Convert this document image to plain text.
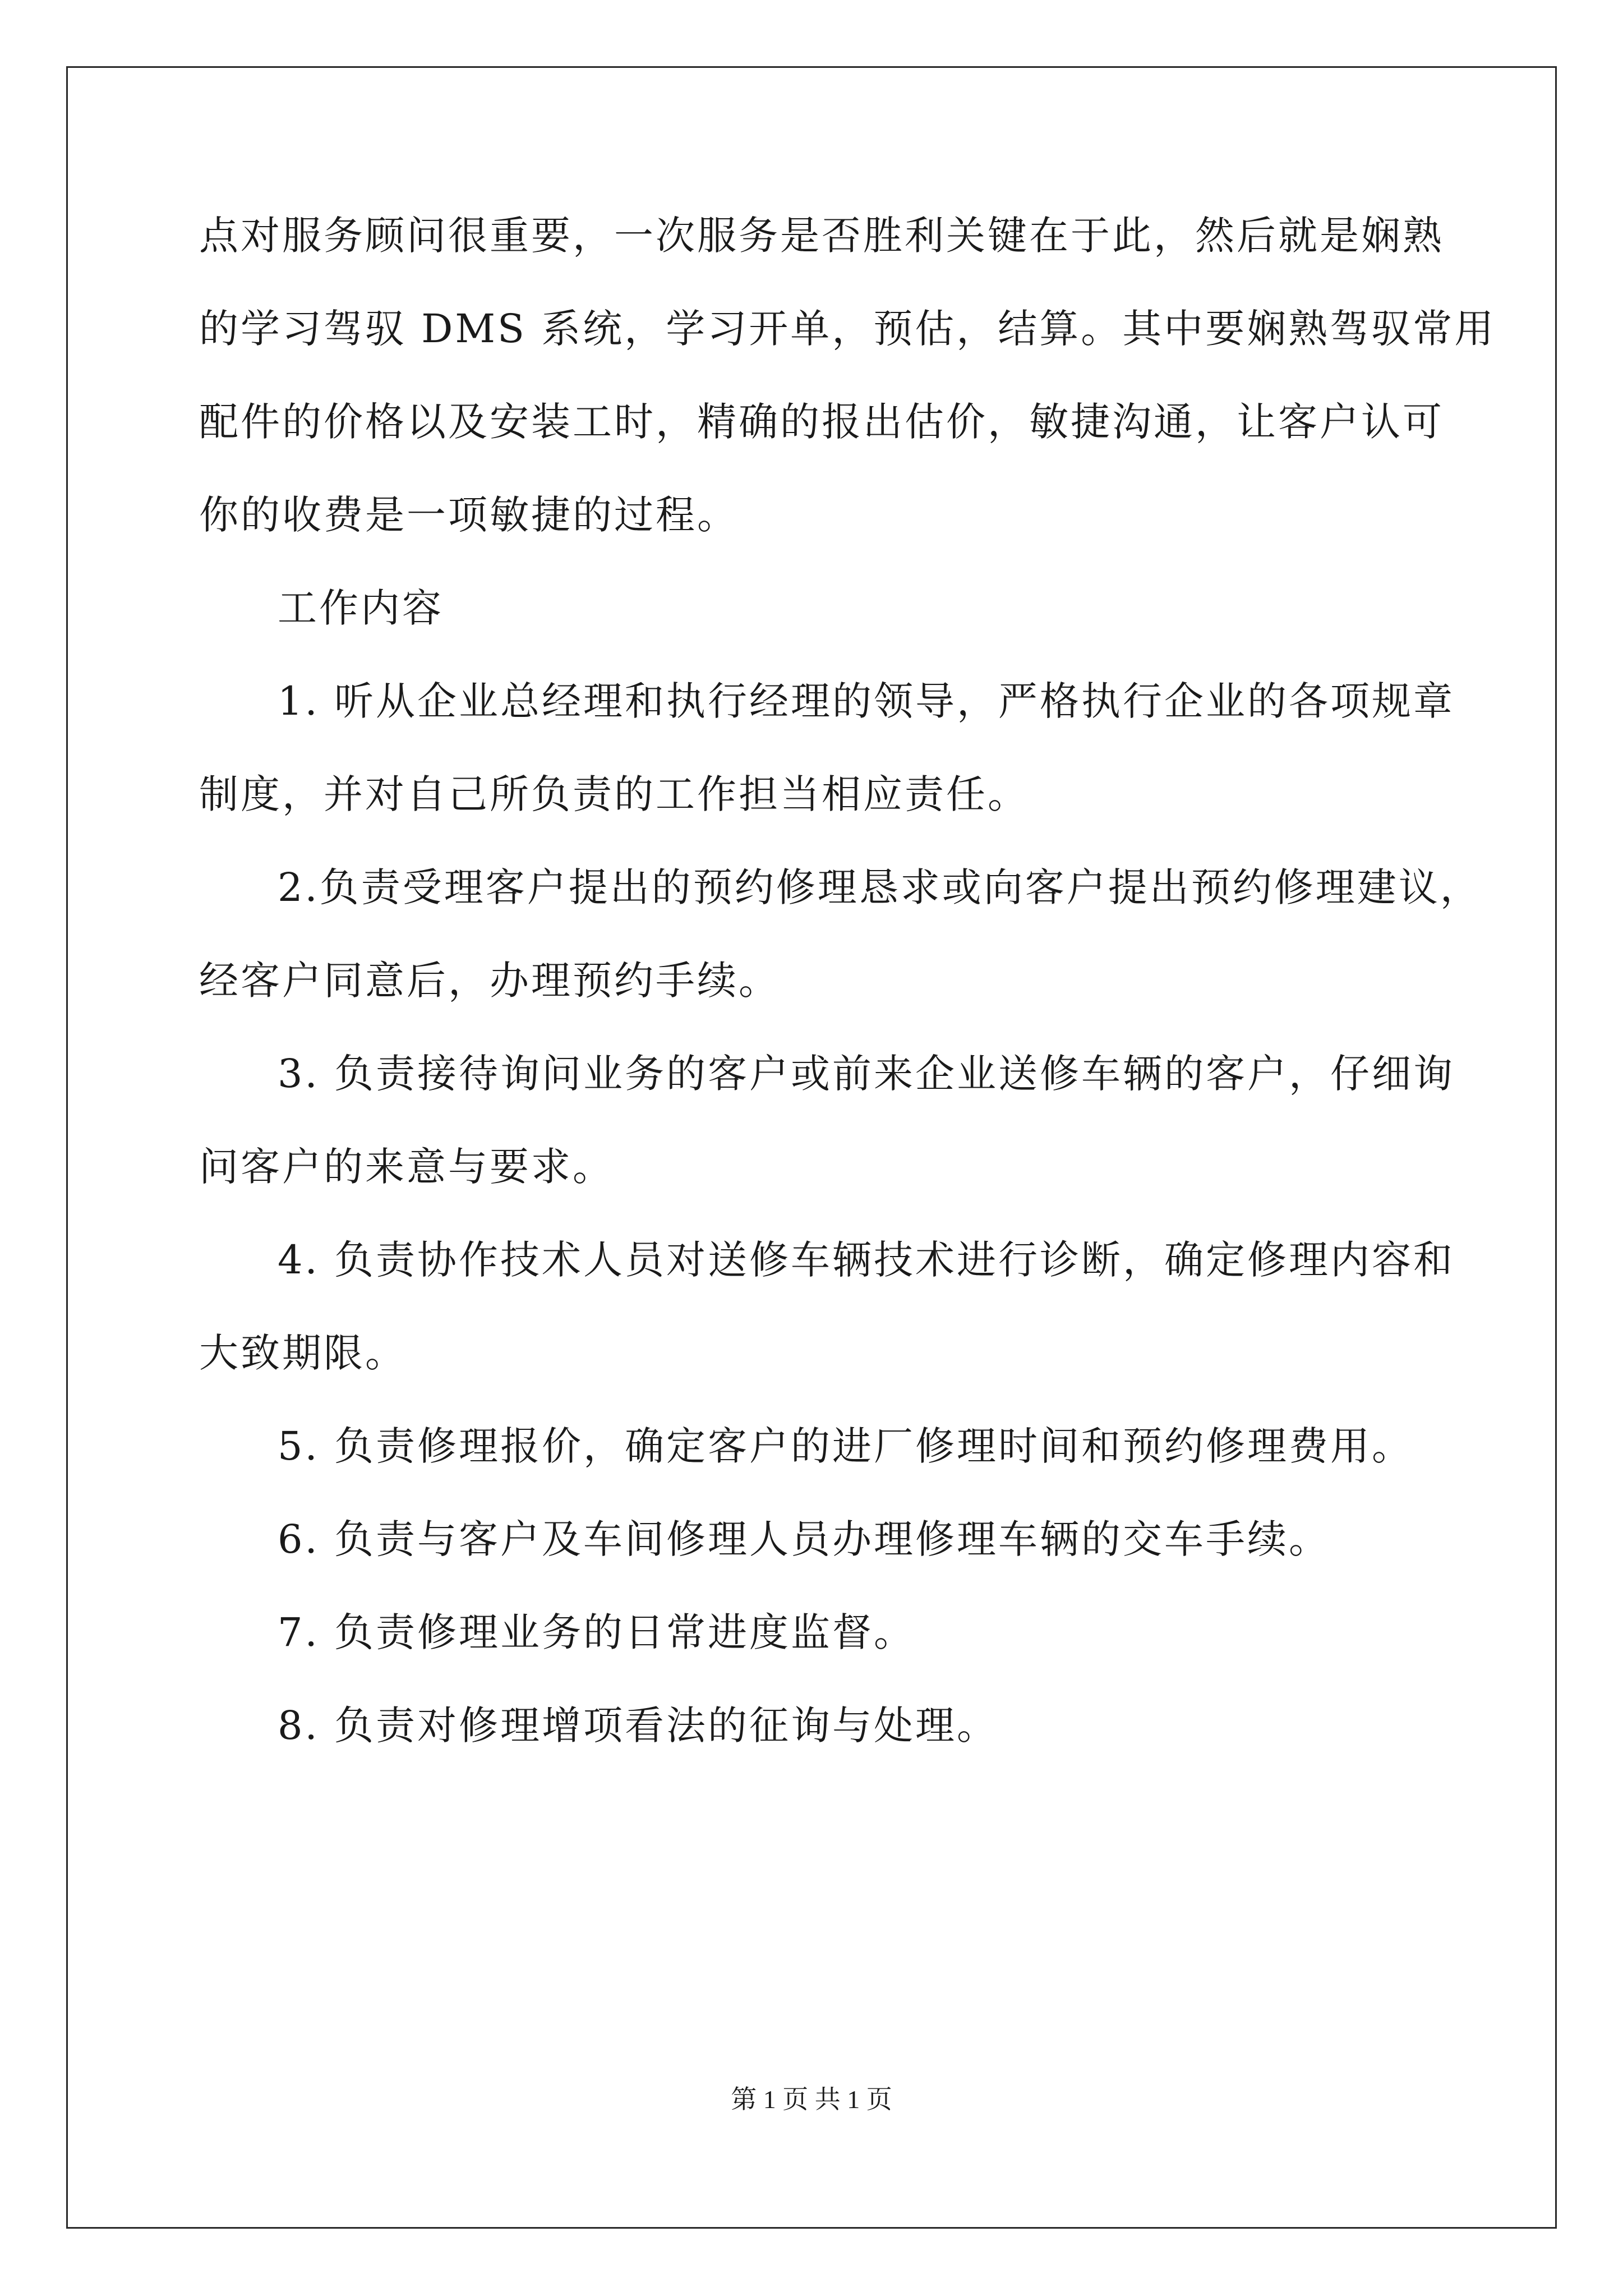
点对服务顾问很重要，一次服务是否胜利关键在于此，然后就是娴熟

的学习驾驭 DMS 系统，学习开单，预估，结算。其中要娴熟驾驭常用

配件的价格以及安装工时，精确的报出估价，敏捷沟通，让客户认可

你的收费是一项敏捷的过程。

工作内容

1. 听从企业总经理和执行经理的领导，严格执行企业的各项规章

制度，并对自己所负责的工作担当相应责任。

2.负责受理客户提出的预约修理恳求或向客户提出预约修理建议，

经客户同意后，办理预约手续。

3. 负责接待询问业务的客户或前来企业送修车辆的客户，仔细询

问客户的来意与要求。

4. 负责协作技术人员对送修车辆技术进行诊断，确定修理内容和

大致期限。

5. 负责修理报价，确定客户的进厂修理时间和预约修理费用。

6. 负责与客户及车间修理人员办理修理车辆的交车手续。

7. 负责修理业务的日常进度监督。

8. 负责对修理增项看法的征询与处理。

第 1 页 共 1 页
